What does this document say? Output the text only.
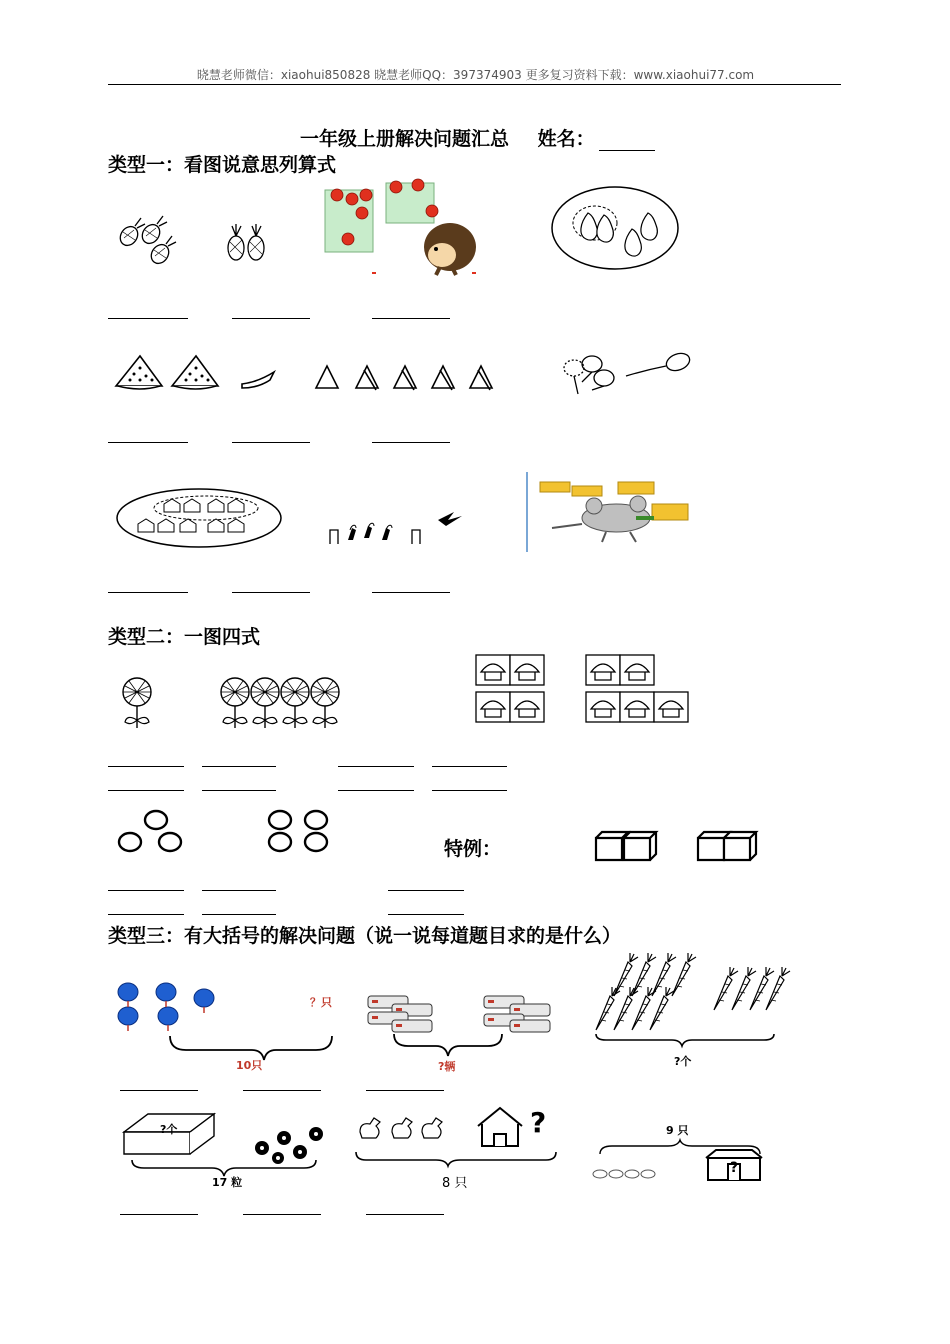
晓慧老师微信：xiaohui850828 晓慧老师QQ：397374903 更多复习资料下载：www.xiaohui77.com
一年级上册解决问题汇总 姓名：
类型一：看图说意思列算式
类型二：一图四式
特例：
类型三：有大括号的解决问题（说一说每道题目求的是什么）
？只
10只	?辆	?个
?个
17 粒
?
8 只
9 只
?
